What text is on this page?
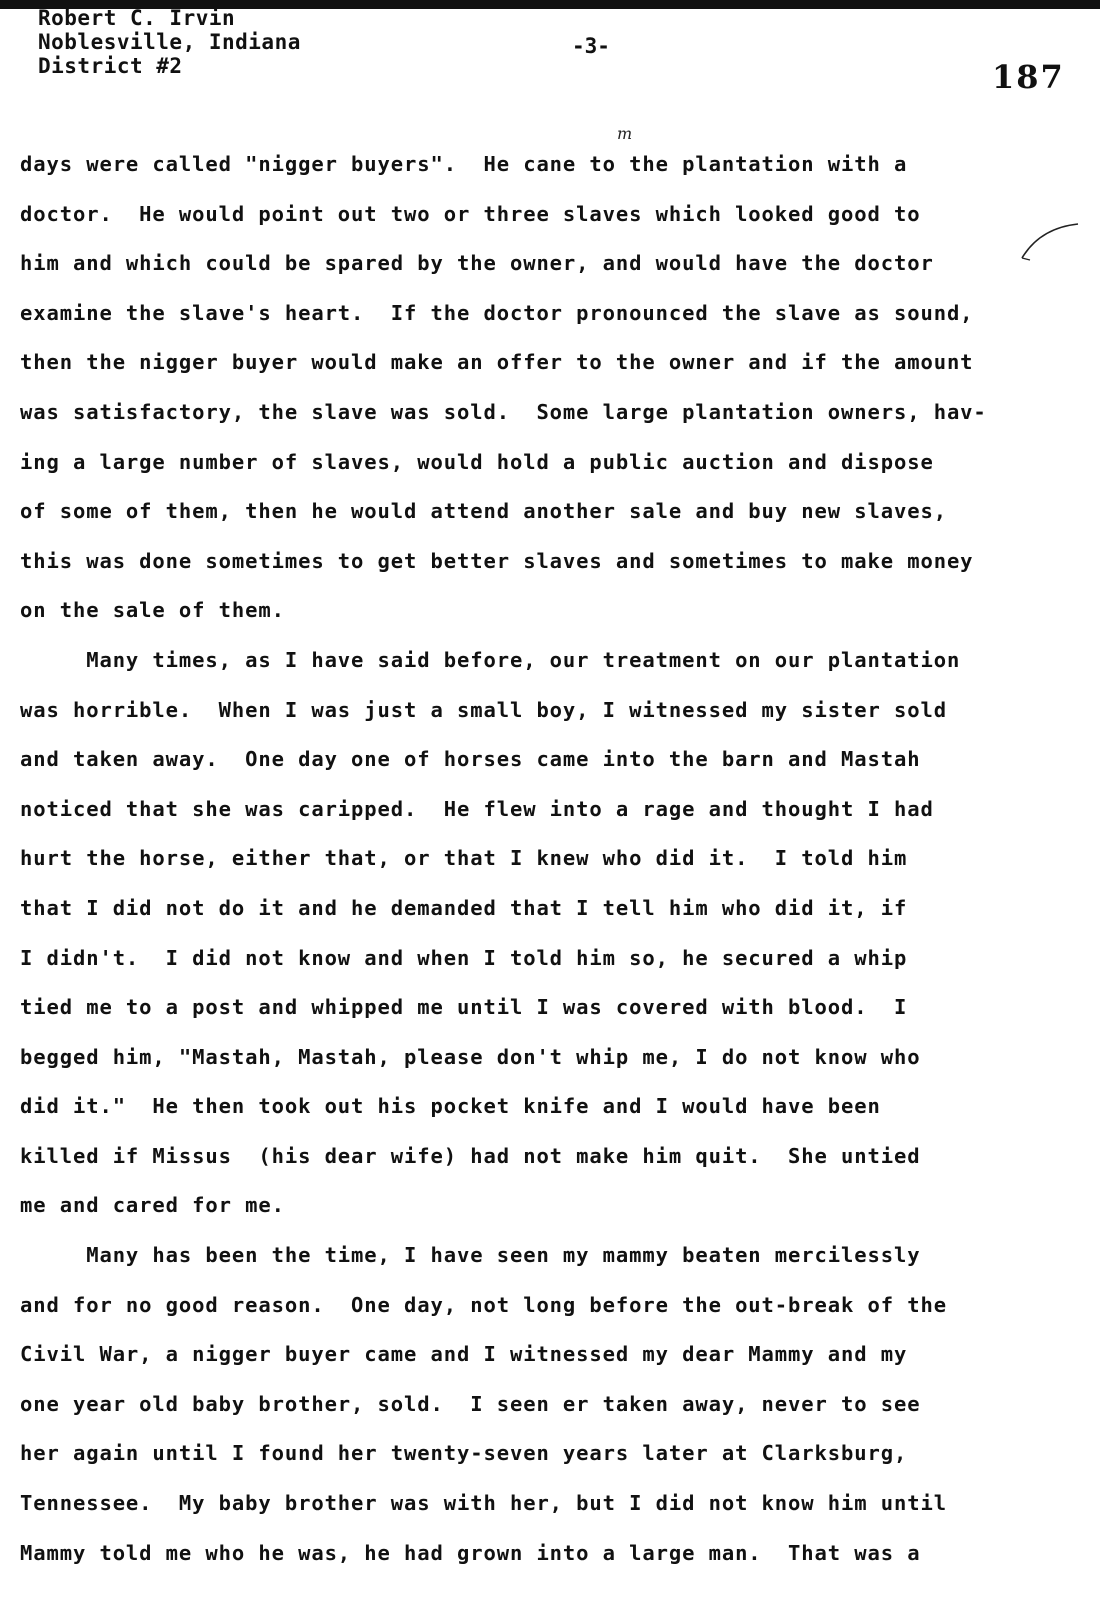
Robert C. Irvin
Noblesville, Indiana
District #2
-3-
187
m
days were called "nigger buyers".  He cane to the plantation with a
doctor.  He would point out two or three slaves which looked good to
him and which could be spared by the owner, and would have the doctor
examine the slave's heart.  If the doctor pronounced the slave as sound,
then the nigger buyer would make an offer to the owner and if the amount
was satisfactory, the slave was sold.  Some large plantation owners, hav-
ing a large number of slaves, would hold a public auction and dispose
of some of them, then he would attend another sale and buy new slaves,
this was done sometimes to get better slaves and sometimes to make money
on the sale of them.
Many times, as I have said before, our treatment on our plantation
was horrible.  When I was just a small boy, I witnessed my sister sold
and taken away.  One day one of horses came into the barn and Mastah
noticed that she was caripped.  He flew into a rage and thought I had
hurt the horse, either that, or that I knew who did it.  I told him
that I did not do it and he demanded that I tell him who did it, if
I didn't.  I did not know and when I told him so, he secured a whip
tied me to a post and whipped me until I was covered with blood.  I
begged him, "Mastah, Mastah, please don't whip me, I do not know who
did it."  He then took out his pocket knife and I would have been
killed if Missus  (his dear wife) had not make him quit.  She untied
me and cared for me.
Many has been the time, I have seen my mammy beaten mercilessly
and for no good reason.  One day, not long before the out-break of the
Civil War, a nigger buyer came and I witnessed my dear Mammy and my
one year old baby brother, sold.  I seen er taken away, never to see
her again until I found her twenty-seven years later at Clarksburg,
Tennessee.  My baby brother was with her, but I did not know him until
Mammy told me who he was, he had grown into a large man.  That was a
